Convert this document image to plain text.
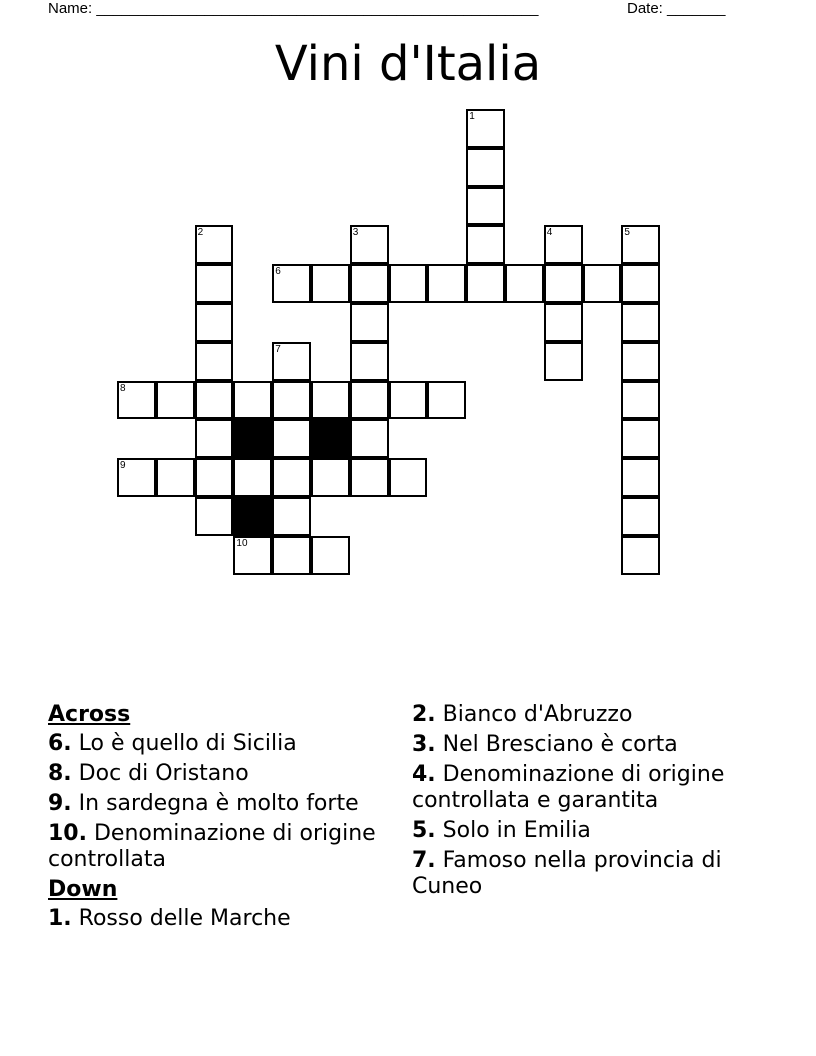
Name: _____________________________________________________	Date: _______
Vini d'Italia
1
2	3	4	5
6
7
8
9
10
Across
6. Lo è quello di Sicilia
8. Doc di Oristano
9. In sardegna è molto forte
10. Denominazione di origine controllata
Down
1. Rosso delle Marche
2. Bianco d'Abruzzo
3. Nel Bresciano è corta
4. Denominazione di origine controllata e garantita
5. Solo in Emilia
7. Famoso nella provincia di Cuneo
